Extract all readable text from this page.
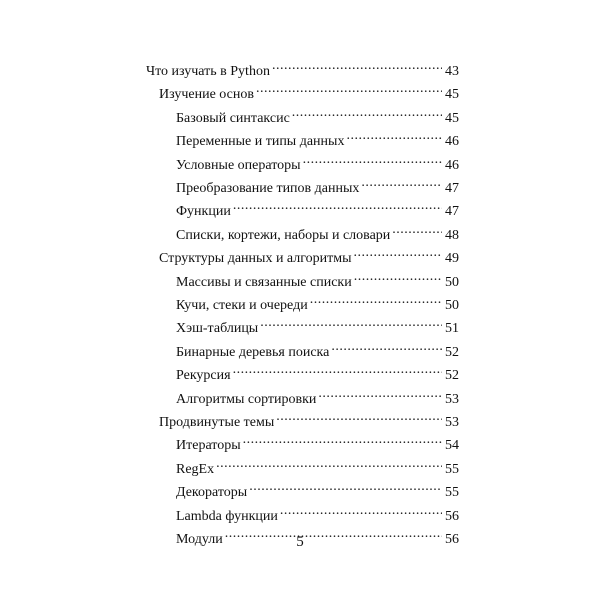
Что изучать в Python .....	43
Изучение основ .....	45
Базовый синтаксис .....	45
Переменные и типы данных .....	46
Условные операторы .....	46
Преобразование типов данных .....	47
Функции .....	47
Списки, кортежи, наборы и словари .....	48
Структуры данных и алгоритмы .....	49
Массивы и связанные списки .....	50
Кучи, стеки и очереди .....	50
Хэш-таблицы .....	51
Бинарные деревья поиска .....	52
Рекурсия .....	52
Алгоритмы сортировки .....	53
Продвинутые темы .....	53
Итераторы .....	54
RegEx .....	55
Декораторы .....	55
Lambda функции .....	56
Модули .....	56
5
